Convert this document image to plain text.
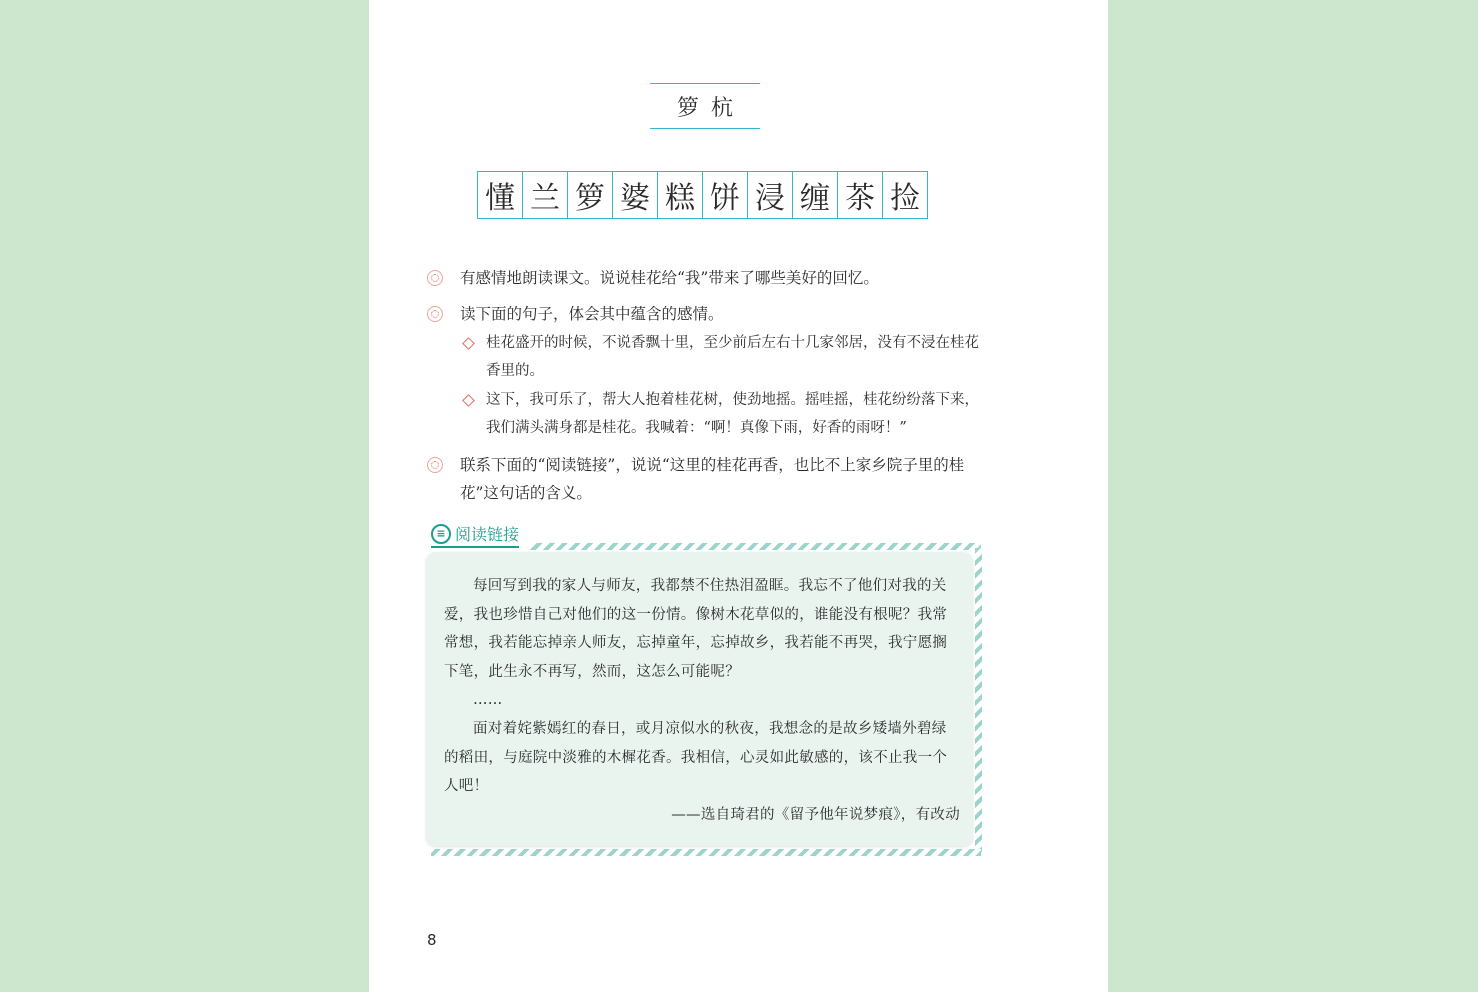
箩杭
懂 兰 箩 婆 糕 饼 浸 缠 茶 捡
有感情地朗读课文。说说桂花给“我”带来了哪些美好的回忆。
读下面的句子，体会其中蕴含的感情。
桂花盛开的时候，不说香飘十里，至少前后左右十几家邻居，没有不浸在桂花香里的。
这下，我可乐了，帮大人抱着桂花树，使劲地摇。摇哇摇，桂花纷纷落下来，我们满头满身都是桂花。我喊着：“啊！真像下雨，好香的雨呀！”
联系下面的“阅读链接”，说说“这里的桂花再香，也比不上家乡院子里的桂花”这句话的含义。
≡ 阅读链接

每回写到我的家人与师友，我都禁不住热泪盈眶。我忘不了他们对我的关爱，我也珍惜自己对他们的这一份情。像树木花草似的，谁能没有根呢？我常常想，我若能忘掉亲人师友，忘掉童年，忘掉故乡，我若能不再哭，我宁愿搁下笔，此生永不再写，然而，这怎么可能呢？

……

面对着姹紫嫣红的春日，或月凉似水的秋夜，我想念的是故乡矮墙外碧绿的稻田，与庭院中淡雅的木樨花香。我相信，心灵如此敏感的，该不止我一个人吧！

——选自琦君的《留予他年说梦痕》，有改动

8
